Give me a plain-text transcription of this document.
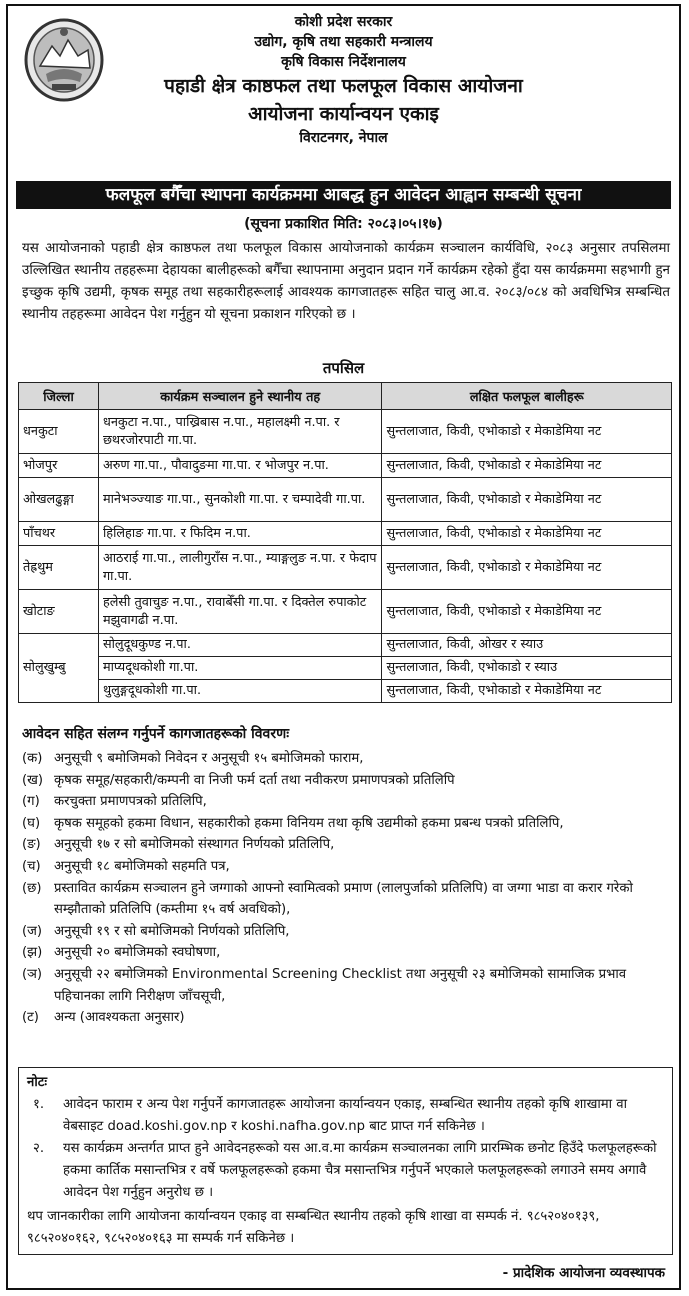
कोशी प्रदेश सरकार
उद्योग, कृषि तथा सहकारी मन्त्रालय
कृषि विकास निर्देशनालय
पहाडी क्षेत्र काष्ठफल तथा फलफूल विकास आयोजना
आयोजना कार्यान्वयन एकाइ
विराटनगर, नेपाल
फलफूल बगैँचा स्थापना कार्यक्रममा आबद्ध हुन आवेदन आह्वान सम्बन्धी सूचना
(सूचना प्रकाशित मिति: २०८३।०५।१७)
यस आयोजनाको पहाडी क्षेत्र काष्ठफल तथा फलफूल विकास आयोजनाको कार्यक्रम सञ्चालन कार्यविधि, २०८३ अनुसार तपसिलमा उल्लिखित स्थानीय तहहरूमा देहायका बालीहरूको बगैँचा स्थापनामा अनुदान प्रदान गर्ने कार्यक्रम रहेको हुँदा यस कार्यक्रममा सहभागी हुन इच्छुक कृषि उद्यमी, कृषक समूह तथा सहकारीहरूलाई आवश्यक कागजातहरू सहित चालु आ.व. २०८३/०८४ को अवधिभित्र सम्बन्धित स्थानीय तहहरूमा आवेदन पेश गर्नुहुन यो सूचना प्रकाशन गरिएको छ ।
तपसिल
जिल्ला	कार्यक्रम सञ्चालन हुने स्थानीय तह	लक्षित फलफूल बालीहरू
धनकुटा	धनकुटा न.पा., पाख्रिबास न.पा., महालक्ष्मी न.पा. र छथरजोरपाटी गा.पा.	सुन्तलाजात, किवी, एभोकाडो र मेकाडेमिया नट
भोजपुर	अरुण गा.पा., पौवादुङमा गा.पा. र भोजपुर न.पा.	सुन्तलाजात, किवी, एभोकाडो र मेकाडेमिया नट
ओखलढुङ्गा	मानेभञ्ज्याङ गा.पा., सुनकोशी गा.पा. र चम्पादेवी गा.पा.	सुन्तलाजात, किवी, एभोकाडो र मेकाडेमिया नट
पाँचथर	हिलिहाङ गा.पा. र फिदिम न.पा.	सुन्तलाजात, किवी, एभोकाडो र मेकाडेमिया नट
तेह्रथुम	आठराई गा.पा., लालीगुराँस न.पा., म्याङ्गलुङ न.पा. र फेदाप गा.पा.	सुन्तलाजात, किवी, एभोकाडो र मेकाडेमिया नट
खोटाङ	हलेसी तुवाचुङ न.पा., रावाबेँसी गा.पा. र दिक्तेल रुपाकोट मझुवागढी न.पा.	सुन्तलाजात, किवी, एभोकाडो र मेकाडेमिया नट
सोलुखुम्बु	सोलुदूधकुण्ड न.पा.	सुन्तलाजात, किवी, ओखर र स्याउ
	माप्यदूधकोशी गा.पा.	सुन्तलाजात, किवी, एभोकाडो र स्याउ
	थुलुङ्गदूधकोशी गा.पा.	सुन्तलाजात, किवी, एभोकाडो र मेकाडेमिया नट
आवेदन सहित संलग्न गर्नुपर्ने कागजातहरूको विवरणः
(क) अनुसूची ९ बमोजिमको निवेदन र अनुसूची १५ बमोजिमको फाराम,
(ख) कृषक समूह/सहकारी/कम्पनी वा निजी फर्म दर्ता तथा नवीकरण प्रमाणपत्रको प्रतिलिपि
(ग)	करचुक्ता प्रमाणपत्रको प्रतिलिपि,
(घ)	कृषक समूहको हकमा विधान, सहकारीको हकमा विनियम तथा कृषि उद्यमीको हकमा प्रबन्ध पत्रको प्रतिलिपि,
(ङ)	अनुसूची १७ र सो बमोजिमको संस्थागत निर्णयको प्रतिलिपि,
(च)	अनुसूची १८ बमोजिमको सहमति पत्र,
(छ) प्रस्तावित कार्यक्रम सञ्चालन हुने जग्गाको आफ्नो स्वामित्वको प्रमाण (लालपुर्जाको प्रतिलिपि) वा जग्गा भाडा वा करार गरेको सम्झौताको प्रतिलिपि (कम्तीमा १५ वर्ष अवधिको),
(ज) अनुसूची १९ र सो बमोजिमको निर्णयको प्रतिलिपि,
(झ) अनुसूची २० बमोजिमको स्वघोषणा,
(ञ) अनुसूची २२ बमोजिमको Environmental Screening Checklist तथा अनुसूची २३ बमोजिमको सामाजिक प्रभाव पहिचानका लागि निरीक्षण जाँचसूची,
(ट)	अन्य (आवश्यकता अनुसार)
नोटः
१.	आवेदन फाराम र अन्य पेश गर्नुपर्ने कागजातहरू आयोजना कार्यान्वयन एकाइ, सम्बन्धित स्थानीय तहको कृषि शाखामा वा वेबसाइट doad.koshi.gov.np र koshi.nafha.gov.np बाट प्राप्त गर्न सकिनेछ ।
२.	यस कार्यक्रम अन्तर्गत प्राप्त हुने आवेदनहरूको यस आ.व.मा कार्यक्रम सञ्चालनका लागि प्रारम्भिक छनोट हिउँदे फलफूलहरूको हकमा कार्तिक मसान्तभित्र र वर्षे फलफूलहरूको हकमा चैत्र मसान्तभित्र गर्नुपर्ने भएकाले फलफूलहरूको लगाउने समय अगावै आवेदन पेश गर्नुहुन अनुरोध छ ।
थप जानकारीका लागि आयोजना कार्यान्वयन एकाइ वा सम्बन्धित स्थानीय तहको कृषि शाखा वा सम्पर्क नं. ९८५२०४०१३९, ९८५२०४०१६२, ९८५२०४०१६३ मा सम्पर्क गर्न सकिनेछ ।
- प्रादेशिक आयोजना व्यवस्थापक
